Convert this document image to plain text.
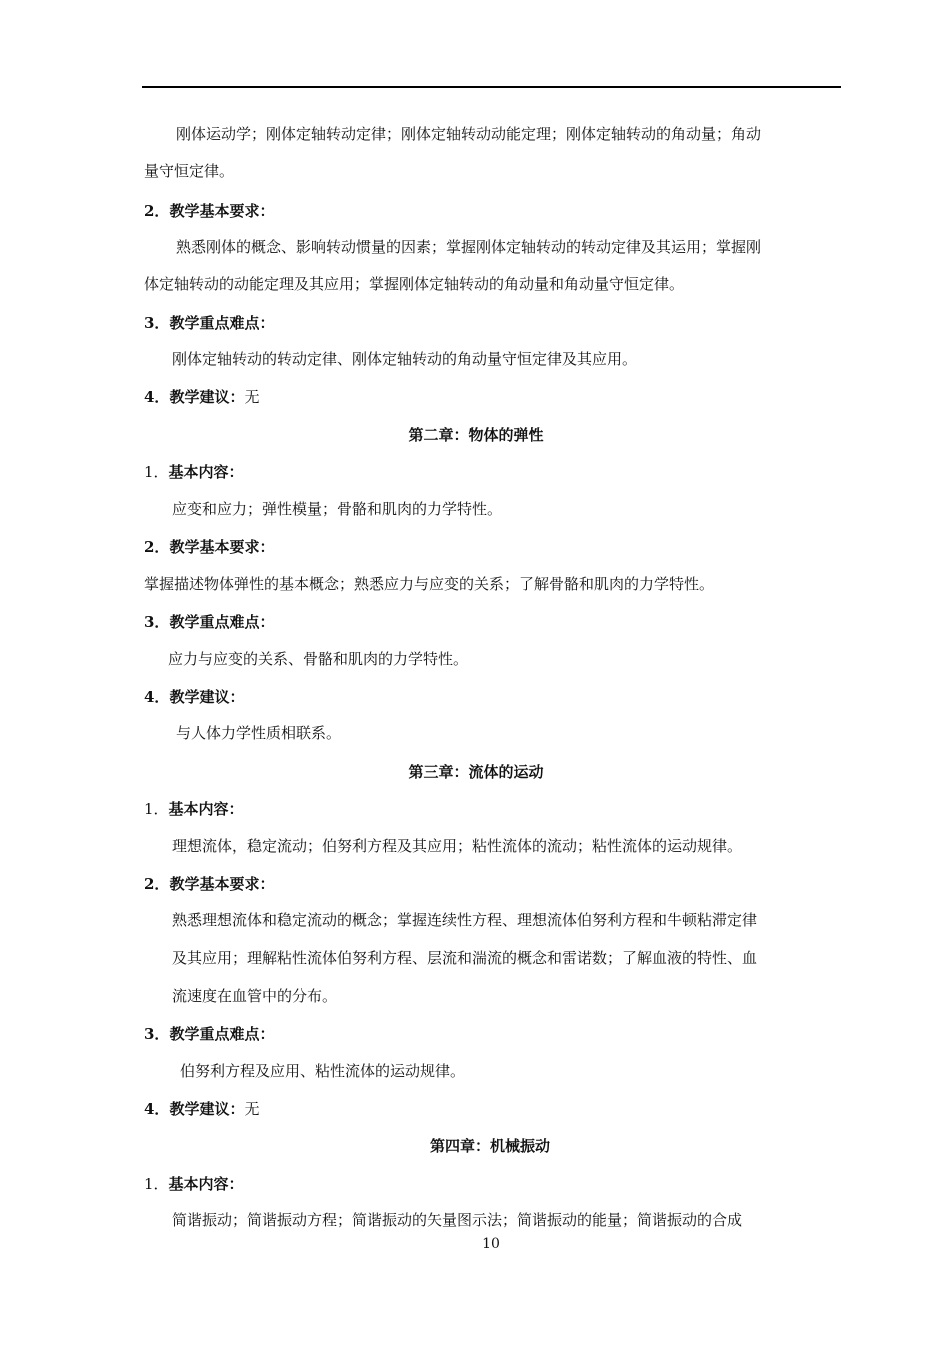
刚体运动学；刚体定轴转动定律；刚体定轴转动动能定理；刚体定轴转动的角动量；角动
量守恒定律。
2．教学基本要求：
熟悉刚体的概念、影响转动惯量的因素；掌握刚体定轴转动的转动定律及其运用；掌握刚
体定轴转动的动能定理及其应用；掌握刚体定轴转动的角动量和角动量守恒定律。
3．教学重点难点：
刚体定轴转动的转动定律、刚体定轴转动的角动量守恒定律及其应用。
4．教学建议：无
第二章：物体的弹性
1．基本内容：
应变和应力；弹性模量；骨骼和肌肉的力学特性。
2．教学基本要求：
掌握描述物体弹性的基本概念；熟悉应力与应变的关系；了解骨骼和肌肉的力学特性。
3．教学重点难点：
应力与应变的关系、骨骼和肌肉的力学特性。
4．教学建议：
与人体力学性质相联系。
第三章：流体的运动
1．基本内容：
理想流体，稳定流动；伯努利方程及其应用；粘性流体的流动；粘性流体的运动规律。
2．教学基本要求：
熟悉理想流体和稳定流动的概念；掌握连续性方程、理想流体伯努利方程和牛顿粘滞定律
及其应用；理解粘性流体伯努利方程、层流和湍流的概念和雷诺数；了解血液的特性、血
流速度在血管中的分布。
3．教学重点难点：
伯努利方程及应用、粘性流体的运动规律。
4．教学建议：无
第四章：机械振动
1．基本内容：
简谐振动；简谐振动方程；简谐振动的矢量图示法；简谐振动的能量；简谐振动的合成
10
